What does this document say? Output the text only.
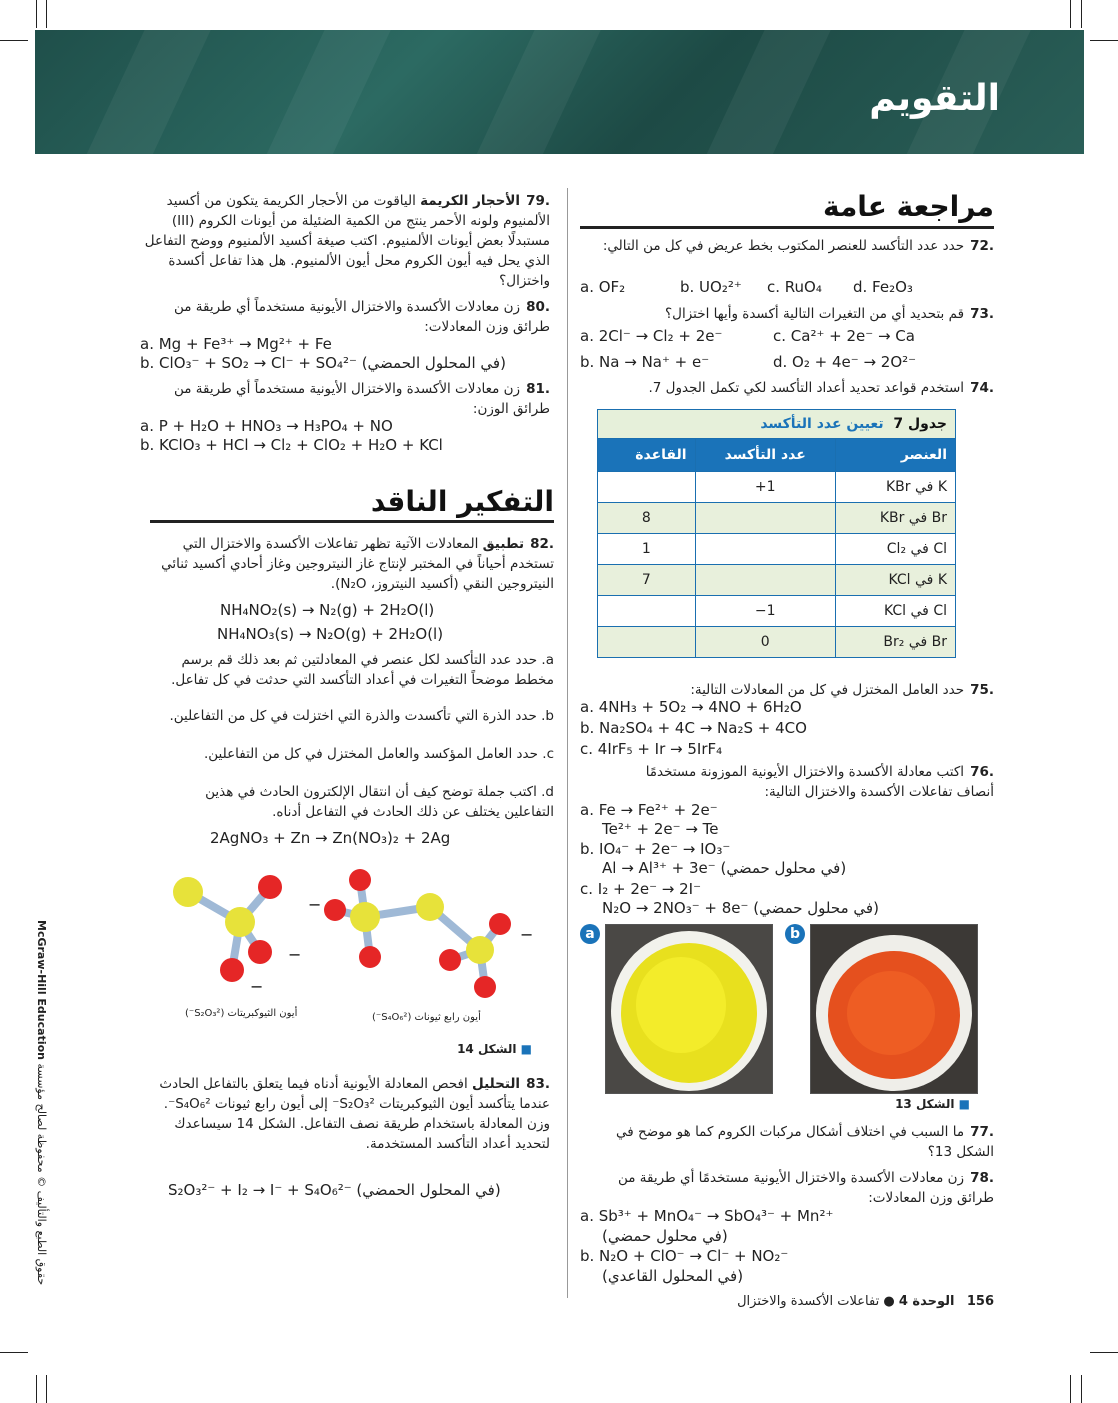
التقويم
مراجعة عامة
.72حدد عدد التأكسد للعنصر المكتوب بخط عريض في كل من التالي:
a. OF₂	b. UO₂²⁺ c. RuO₄ d. Fe₂O₃
.73قم بتحديد أي من التغيرات التالية أكسدة وأيها اختزال؟
a. 2Cl⁻ → Cl₂ + 2e⁻	c. Ca²⁺ + 2e⁻ → Ca
b. Na → Na⁺ + e⁻	d. O₂ + 4e⁻ → 2O²⁻
.74استخدم قواعد تحديد أعداد التأكسد لكي تكمل الجدول 7.
جدول 7  تعيين عدد التأكسد		
العنصر	عدد التأكسد	القاعدة
K في KBr	+1	
Br في KBr		8
Cl في Cl₂		1
K في KCl		7
Cl في KCl	−1	
Br في Br₂	0	
.75حدد العامل المختزل في كل من المعادلات التالية:
a. 4NH₃ + 5O₂ → 4NO + 6H₂O
b. Na₂SO₄ + 4C → Na₂S + 4CO
c. 4IrF₅ + Ir → 5IrF₄
.76اكتب معادلة الأكسدة والاختزال الأيونية الموزونة مستخدمًا أنصاف تفاعلات الأكسدة والاختزال التالية:
a. Fe → Fe²⁺ + 2e⁻
Te²⁺ + 2e⁻ → Te
b. IO₄⁻ + 2e⁻ → IO₃⁻
Al → Al³⁺ + 3e⁻ (في محلول حمضي)
c. I₂ + 2e⁻ → 2I⁻
N₂O → 2NO₃⁻ + 8e⁻ (في محلول حمضي)
a	b
■ الشكل 13
.77ما السبب في اختلاف أشكال مركبات الكروم كما هو موضح في الشكل 13؟
.78زن معادلات الأكسدة والاختزال الأيونية مستخدمًا أي طريقة من طرائق وزن المعادلات:
a. Sb³⁺ + MnO₄⁻ → SbO₄³⁻ + Mn²⁺
(في محلول حمضي)
b. N₂O + ClO⁻ → Cl⁻ + NO₂⁻
(في المحلول القاعدي)
.79الأحجار الكريمة الياقوت من الأحجار الكريمة يتكون من أكسيد الألمنيوم ولونه الأحمر ينتج من الكمية الضئيلة من أيونات الكروم (III) مستبدلًا بعض أيونات الألمنيوم. اكتب صيغة أكسيد الألمنيوم ووضح التفاعل الذي يحل فيه أيون الكروم محل أيون الألمنيوم. هل هذا تفاعل أكسدة واختزال؟
.80زن معادلات الأكسدة والاختزال الأيونية مستخدماً أي طريقة من طرائق وزن المعادلات:
a. Mg + Fe³⁺ → Mg²⁺ + Fe
b. ClO₃⁻ + SO₂ → Cl⁻ + SO₄²⁻ (في المحلول الحمضي)
.81زن معادلات الأكسدة والاختزال الأيونية مستخدماً أي طريقة من طرائق الوزن:
a. P + H₂O + HNO₃ → H₃PO₄ + NO
b. KClO₃ + HCl → Cl₂ + ClO₂ + H₂O + KCl
التفكير الناقد
.82تطبيق المعادلات الآتية تظهر تفاعلات الأكسدة والاختزال التي تستخدم أحياناً في المختبر لإنتاج غاز النيتروجين وغاز أحادي أكسيد ثنائي النيتروجين النقي (أكسيد النيتروز، N₂O).
NH₄NO₂(s) → N₂(g) + 2H₂O(l)
NH₄NO₃(s) → N₂O(g) + 2H₂O(l)
a. حدد عدد التأكسد لكل عنصر في المعادلتين ثم بعد ذلك قم برسم مخطط موضحاً التغيرات في أعداد التأكسد التي حدثت في كل تفاعل.
b. حدد الذرة التي تأكسدت والذرة التي اختزلت في كل من التفاعلين.
c. حدد العامل المؤكسد والعامل المختزل في كل من التفاعلين.
d. اكتب جملة توضح كيف أن انتقال الإلكترون الحادث في هذين التفاعلين يختلف عن ذلك الحادث في التفاعل أدناه.
2AgNO₃ + Zn → Zn(NO₃)₂ + 2Ag
−
−
−
−
أيون الثيوكبريتات (S₂O₃²⁻)	أيون رابع ثيونات (S₄O₆²⁻)
■ الشكل 14
.83التحليل افحص المعادلة الأيونية أدناه فيما يتعلق بالتفاعل الحادث عندما يتأكسد أيون الثيوكبريتات S₂O₃²⁻ إلى أيون رابع ثيونات S₄O₆²⁻. وزن المعادلة باستخدام طريقة نصف التفاعل. الشكل 14 سيساعدك لتحديد أعداد التأكسد المستخدمة.
S₂O₃²⁻ + I₂ → I⁻ + S₄O₆²⁻ (في المحلول الحمضي)
156   الوحدة 4 ● تفاعلات الأكسدة والاختزال
حقوق الطبع والتأليف © محفوظة لصالح مؤسسة McGraw-Hill Education
